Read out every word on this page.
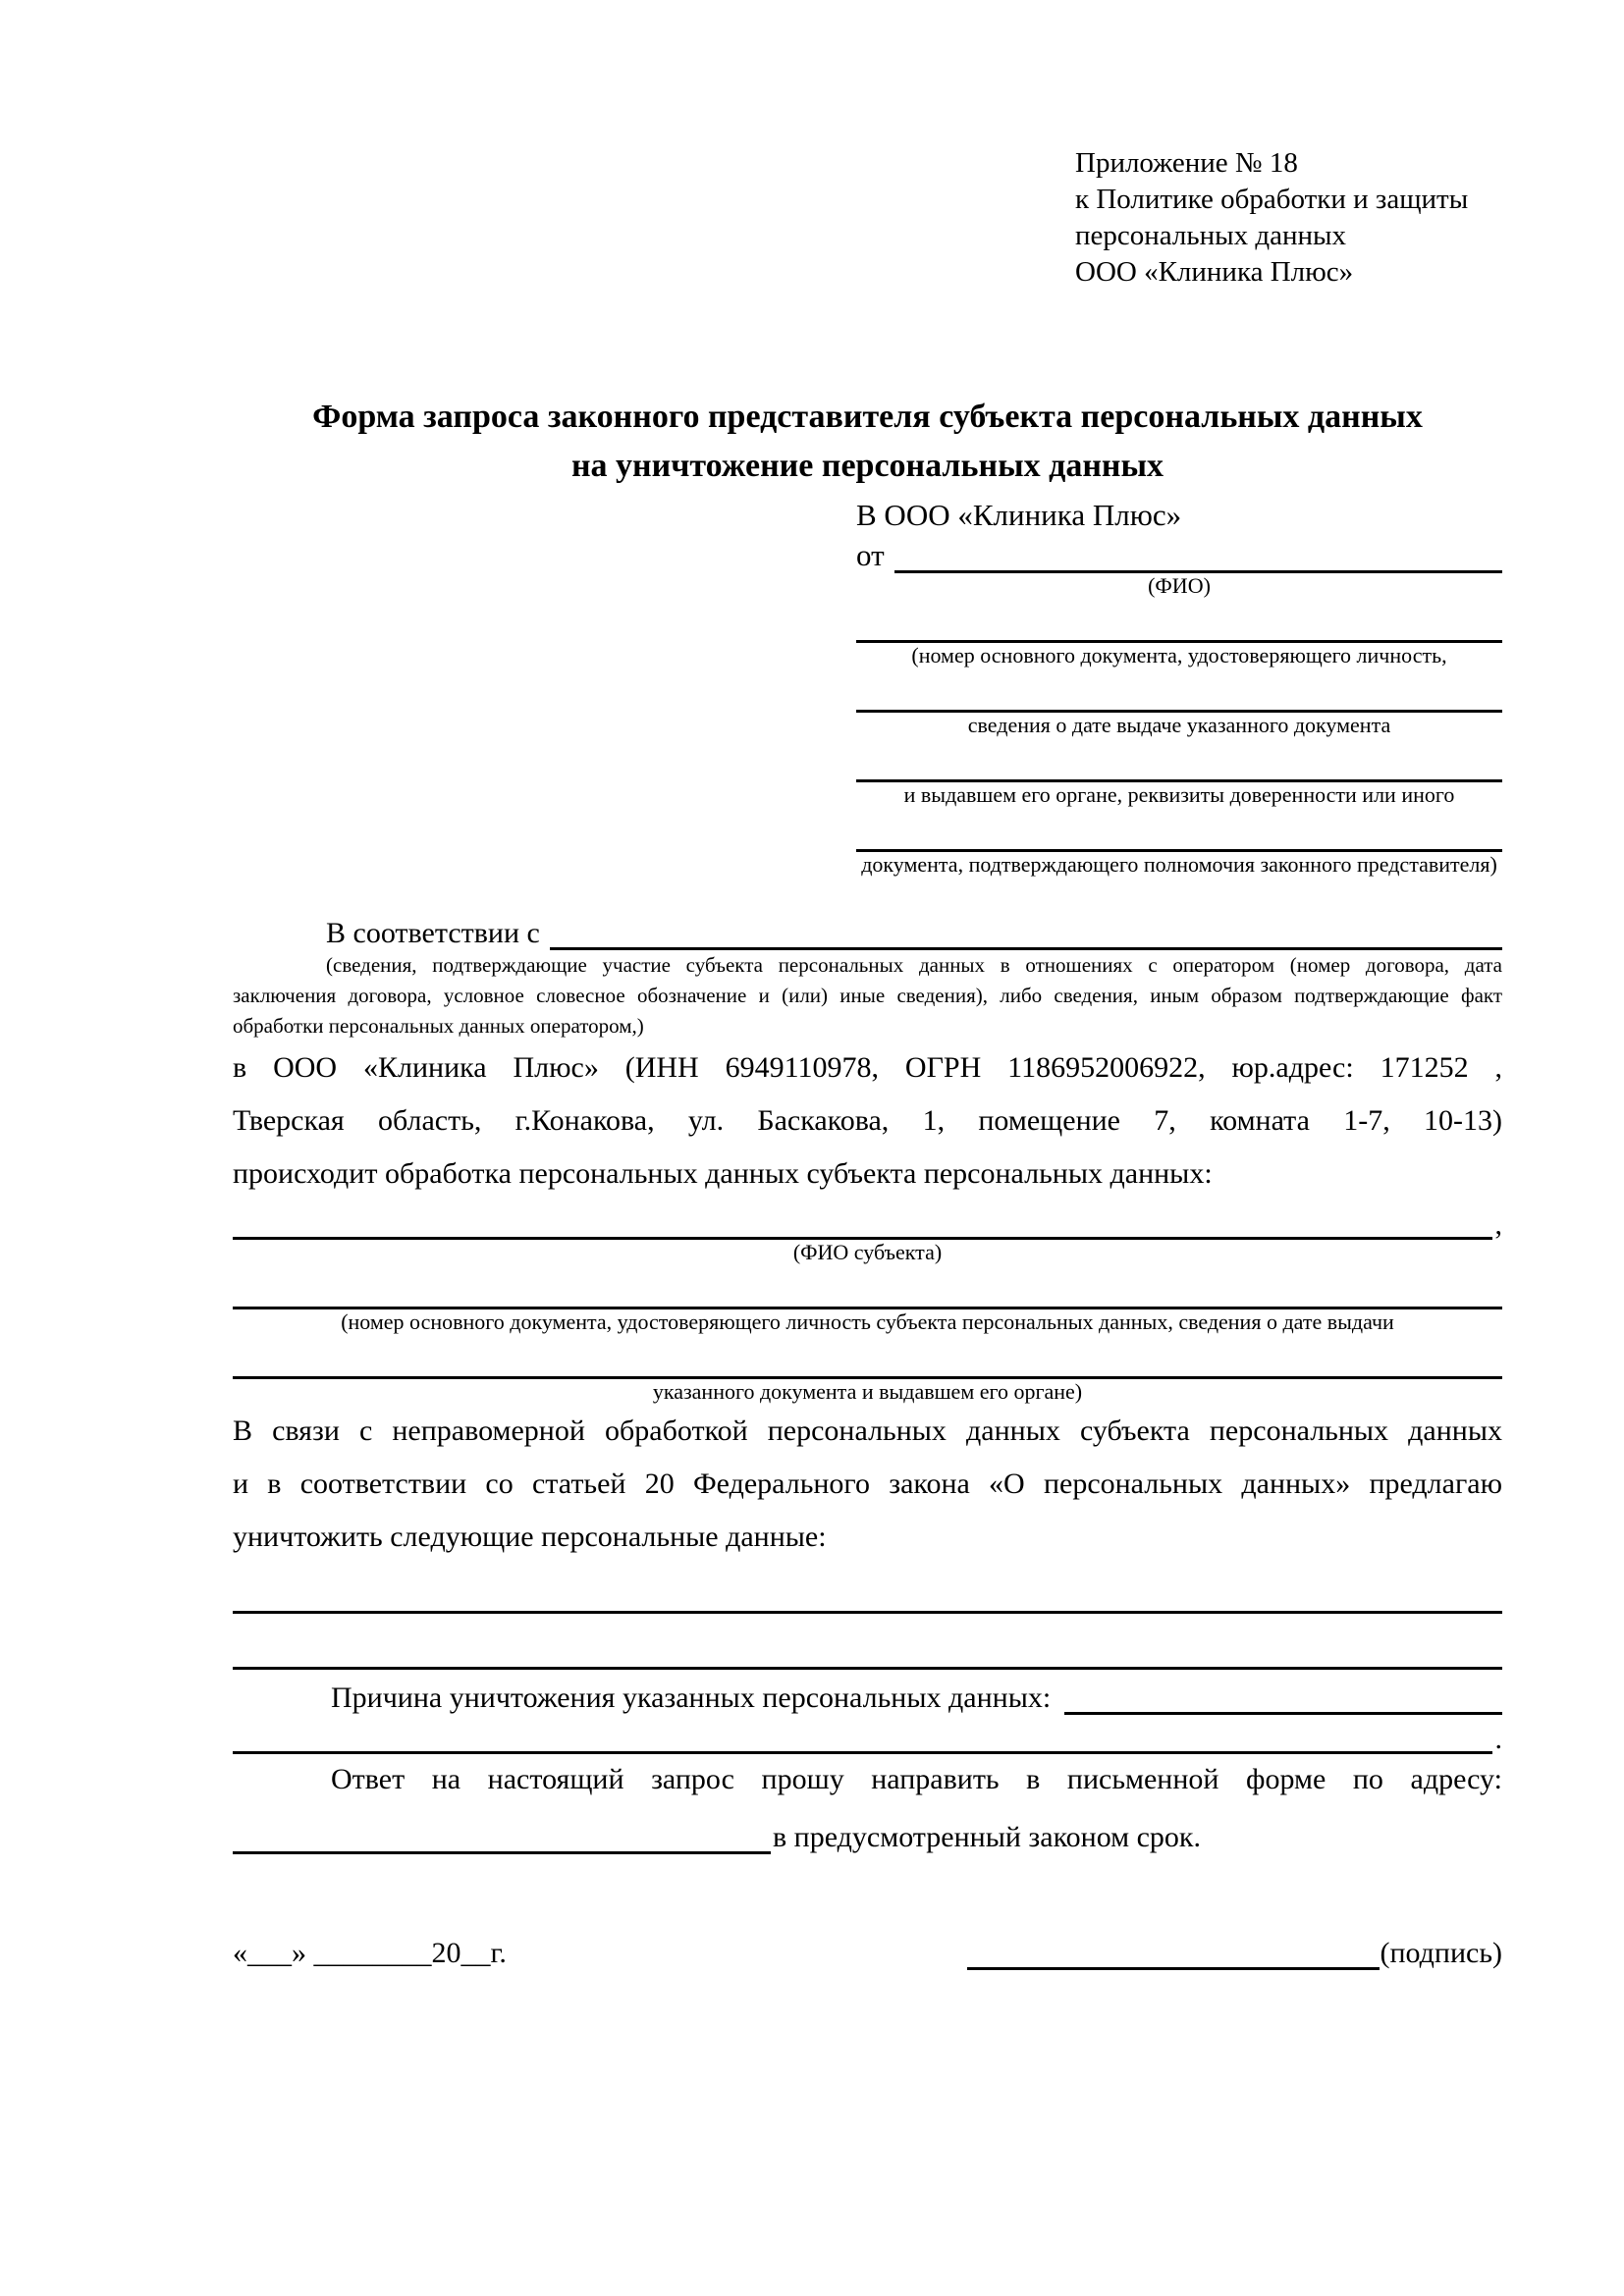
Приложение № 18
к Политике обработки и защиты
персональных данных
ООО «Клиника Плюс»
Форма запроса законного представителя субъекта персональных данных
на уничтожение персональных данных
В ООО «Клиника Плюс»
от
(ФИО)
(номер основного документа, удостоверяющего личность,
сведения о дате выдаче указанного документа
и выдавшем его органе, реквизиты доверенности или иного
документа, подтверждающего полномочия законного представителя)
В соответствии с
(сведения, подтверждающие участие субъекта персональных данных в отношениях с оператором (номер договора, дата
заключения договора, условное словесное обозначение и (или) иные сведения), либо сведения, иным образом подтверждающие факт
обработки персональных данных оператором,)
в ООО «Клиника Плюс» (ИНН 6949110978, ОГРН 1186952006922, юр.адрес: 171252 ,
Тверская область, г.Конакова, ул. Баскакова, 1, помещение 7, комната 1-7, 10-13)
происходит обработка персональных данных субъекта персональных данных:
,
(ФИО субъекта)
(номер основного документа, удостоверяющего личность субъекта персональных данных, сведения о дате выдачи
указанного документа и выдавшем его органе)
В связи с неправомерной обработкой персональных данных субъекта персональных данных
и в соответствии со статьей 20 Федерального закона «О персональных данных» предлагаю
уничтожить следующие персональные данные:
Причина уничтожения указанных персональных данных:
.
Ответ на настоящий запрос прошу направить в письменной форме по адресу:
в предусмотренный законом срок.
«___» ________20__г.	(подпись)
